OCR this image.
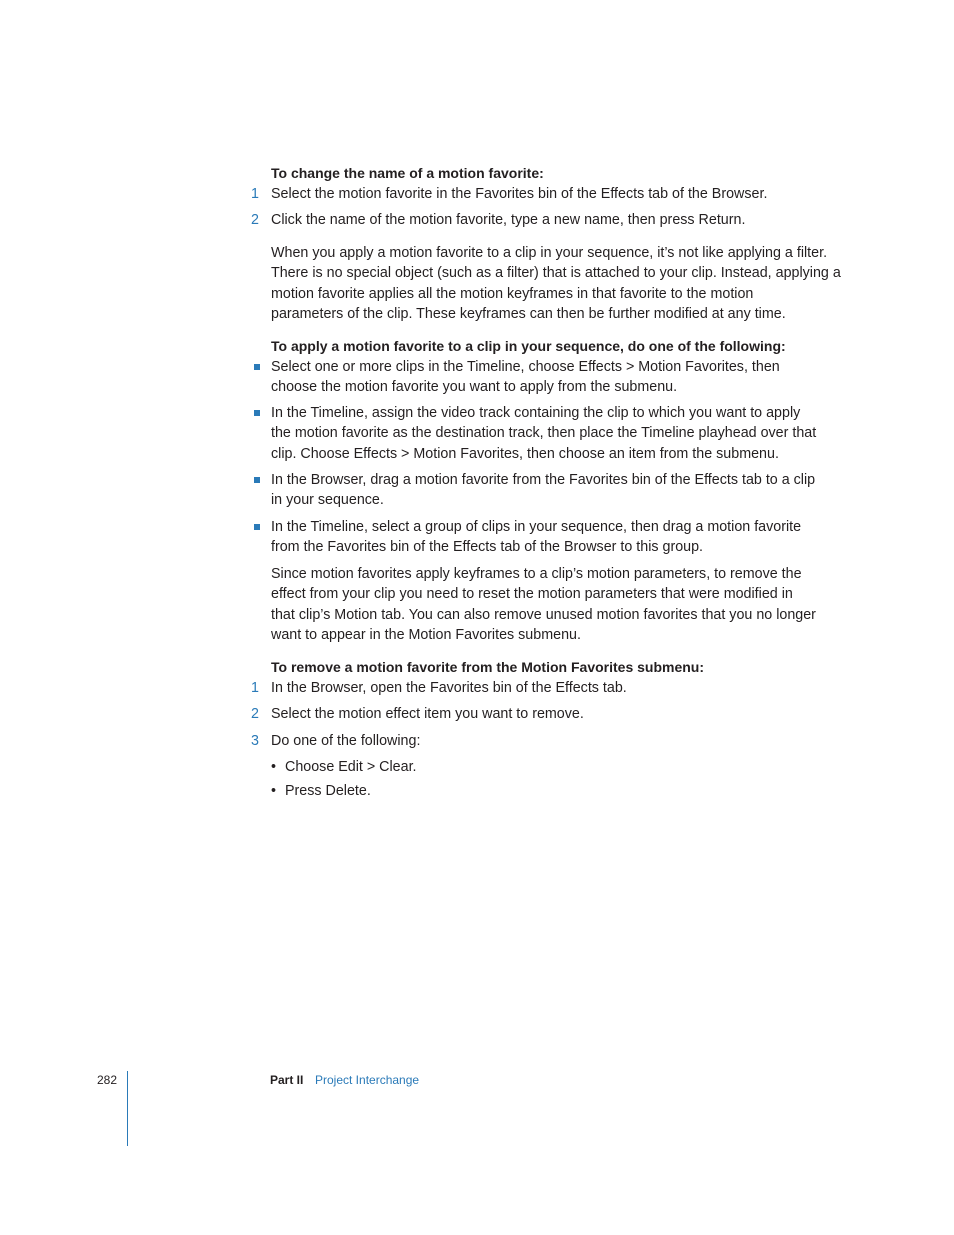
To change the name of a motion favorite:
1 Select the motion favorite in the Favorites bin of the Effects tab of the Browser.
2 Click the name of the motion favorite, type a new name, then press Return.
When you apply a motion favorite to a clip in your sequence, it’s not like applying a filter.
There is no special object (such as a filter) that is attached to your clip. Instead, applying a
motion favorite applies all the motion keyframes in that favorite to the motion
parameters of the clip. These keyframes can then be further modified at any time.
To apply a motion favorite to a clip in your sequence, do one of the following:
Select one or more clips in the Timeline, choose Effects > Motion Favorites, then
choose the motion favorite you want to apply from the submenu.
In the Timeline, assign the video track containing the clip to which you want to apply
the motion favorite as the destination track, then place the Timeline playhead over that
clip. Choose Effects > Motion Favorites, then choose an item from the submenu.
In the Browser, drag a motion favorite from the Favorites bin of the Effects tab to a clip
in your sequence.
In the Timeline, select a group of clips in your sequence, then drag a motion favorite
from the Favorites bin of the Effects tab of the Browser to this group.
Since motion favorites apply keyframes to a clip’s motion parameters, to remove the
effect from your clip you need to reset the motion parameters that were modified in
that clip’s Motion tab. You can also remove unused motion favorites that you no longer
want to appear in the Motion Favorites submenu.
To remove a motion favorite from the Motion Favorites submenu:
1 In the Browser, open the Favorites bin of the Effects tab.
2 Select the motion effect item you want to remove.
3 Do one of the following:
• Choose Edit > Clear.
• Press Delete.
282	Part II Project Interchange
